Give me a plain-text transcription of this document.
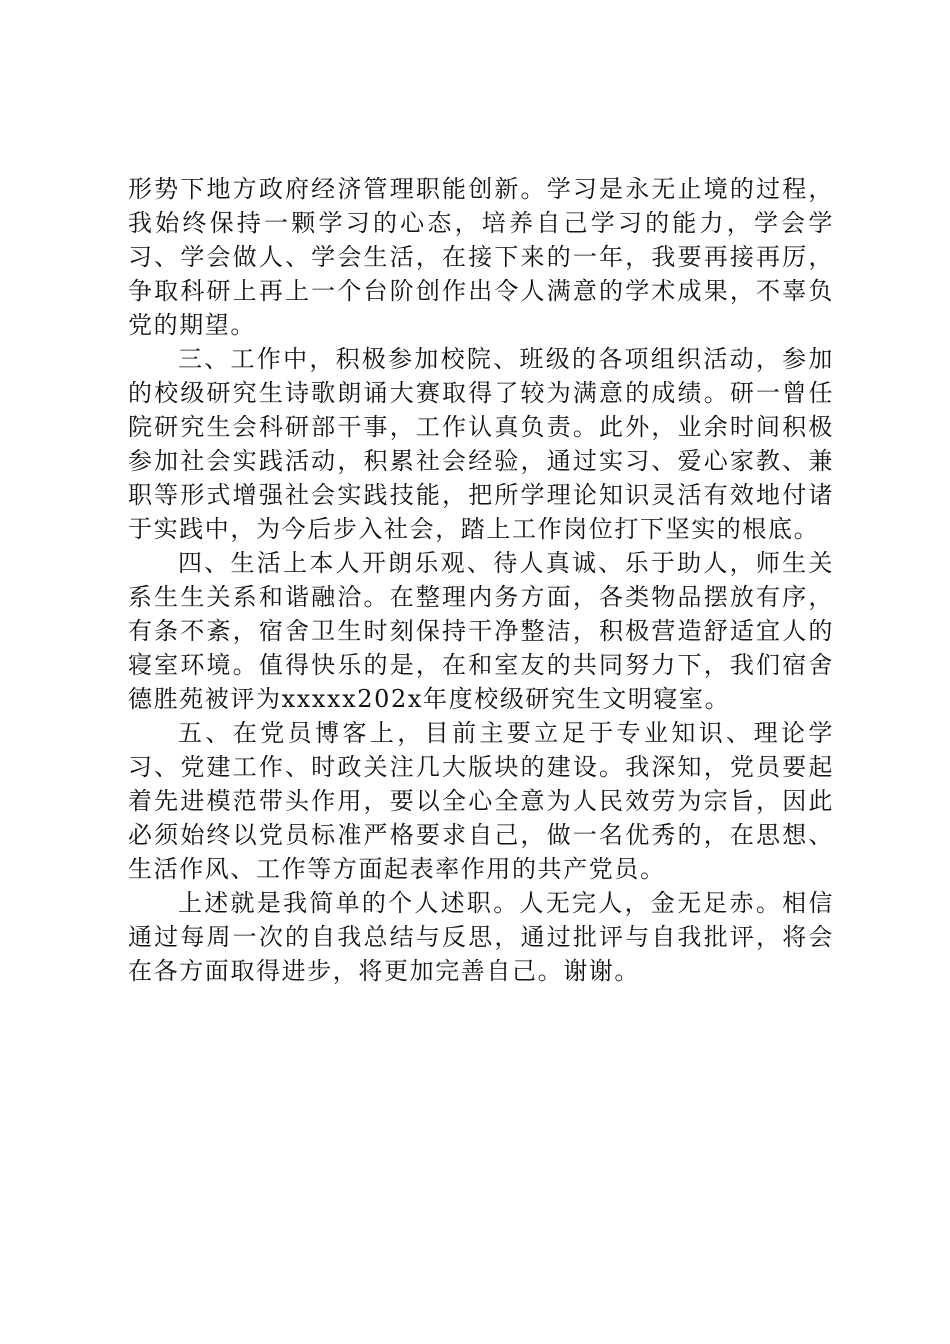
形势下地方政府经济管理职能创新。学习是永无止境的过程，我始终保持一颗学习的心态，培养自己学习的能力，学会学习、学会做人、学会生活，在接下来的一年，我要再接再厉，争取科研上再上一个台阶创作出令人满意的学术成果，不辜负党的期望。

三、工作中，积极参加校院、班级的各项组织活动，参加的校级研究生诗歌朗诵大赛取得了较为满意的成绩。研一曾任院研究生会科研部干事，工作认真负责。此外，业余时间积极参加社会实践活动，积累社会经验，通过实习、爱心家教、兼职等形式增强社会实践技能，把所学理论知识灵活有效地付诸于实践中，为今后步入社会，踏上工作岗位打下坚实的根底。

四、生活上本人开朗乐观、待人真诚、乐于助人，师生关系生生关系和谐融洽。在整理内务方面，各类物品摆放有序，有条不紊，宿舍卫生时刻保持干净整洁，积极营造舒适宜人的寝室环境。值得快乐的是，在和室友的共同努力下，我们宿舍德胜苑被评为xxxxx202x年度校级研究生文明寝室。

五、在党员博客上，目前主要立足于专业知识、理论学习、党建工作、时政关注几大版块的建设。我深知，党员要起着先进模范带头作用，要以全心全意为人民效劳为宗旨，因此必须始终以党员标准严格要求自己，做一名优秀的，在思想、生活作风、工作等方面起表率作用的共产党员。

上述就是我简单的个人述职。人无完人，金无足赤。相信通过每周一次的自我总结与反思，通过批评与自我批评，将会在各方面取得进步，将更加完善自己。谢谢。
